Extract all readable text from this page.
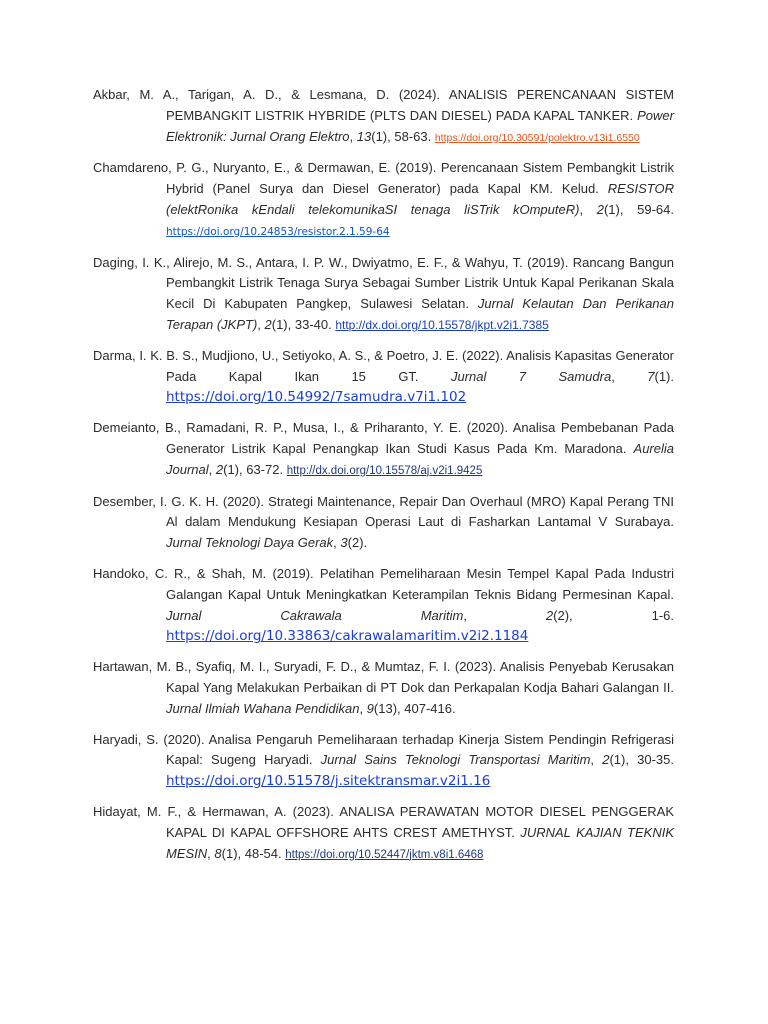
Akbar, M. A., Tarigan, A. D., & Lesmana, D. (2024). ANALISIS PERENCANAAN SISTEM PEMBANGKIT LISTRIK HYBRIDE (PLTS DAN DIESEL) PADA KAPAL TANKER. Power Elektronik: Jurnal Orang Elektro, 13(1), 58-63. https://doi.org/10.30591/polektro.v13i1.6550

Chamdareno, P. G., Nuryanto, E., & Dermawan, E. (2019). Perencanaan Sistem Pembangkit Listrik Hybrid (Panel Surya dan Diesel Generator) pada Kapal KM. Kelud. RESISTOR (elektRonika kEndali telekomunikaSI tenaga liSTrik kOmputeR), 2(1), 59-64. https://doi.org/10.24853/resistor.2.1.59-64

Daging, I. K., Alirejo, M. S., Antara, I. P. W., Dwiyatmo, E. F., & Wahyu, T. (2019). Rancang Bangun Pembangkit Listrik Tenaga Surya Sebagai Sumber Listrik Untuk Kapal Perikanan Skala Kecil Di Kabupaten Pangkep, Sulawesi Selatan. Jurnal Kelautan Dan Perikanan Terapan (JKPT), 2(1), 33-40. http://dx.doi.org/10.15578/jkpt.v2i1.7385

Darma, I. K. B. S., Mudjiono, U., Setiyoko, A. S., & Poetro, J. E. (2022). Analisis Kapasitas Generator Pada Kapal Ikan 15 GT. Jurnal 7 Samudra, 7(1). https://doi.org/10.54992/7samudra.v7i1.102

Demeianto, B., Ramadani, R. P., Musa, I., & Priharanto, Y. E. (2020). Analisa Pembebanan Pada Generator Listrik Kapal Penangkap Ikan Studi Kasus Pada Km. Maradona. Aurelia Journal, 2(1), 63-72. http://dx.doi.org/10.15578/aj.v2i1.9425

Desember, I. G. K. H. (2020). Strategi Maintenance, Repair Dan Overhaul (MRO) Kapal Perang TNI Al dalam Mendukung Kesiapan Operasi Laut di Fasharkan Lantamal V Surabaya. Jurnal Teknologi Daya Gerak, 3(2).

Handoko, C. R., & Shah, M. (2019). Pelatihan Pemeliharaan Mesin Tempel Kapal Pada Industri Galangan Kapal Untuk Meningkatkan Keterampilan Teknis Bidang Permesinan Kapal. Jurnal Cakrawala Maritim, 2(2), 1-6. https://doi.org/10.33863/cakrawalamaritim.v2i2.1184

Hartawan, M. B., Syafiq, M. I., Suryadi, F. D., & Mumtaz, F. I. (2023). Analisis Penyebab Kerusakan Kapal Yang Melakukan Perbaikan di PT Dok dan Perkapalan Kodja Bahari Galangan II. Jurnal Ilmiah Wahana Pendidikan, 9(13), 407-416.

Haryadi, S. (2020). Analisa Pengaruh Pemeliharaan terhadap Kinerja Sistem Pendingin Refrigerasi Kapal: Sugeng Haryadi. Jurnal Sains Teknologi Transportasi Maritim, 2(1), 30-35. https://doi.org/10.51578/j.sitektransmar.v2i1.16

Hidayat, M. F., & Hermawan, A. (2023). ANALISA PERAWATAN MOTOR DIESEL PENGGERAK KAPAL DI KAPAL OFFSHORE AHTS CREST AMETHYST. JURNAL KAJIAN TEKNIK MESIN, 8(1), 48-54. https://doi.org/10.52447/jktm.v8i1.6468
